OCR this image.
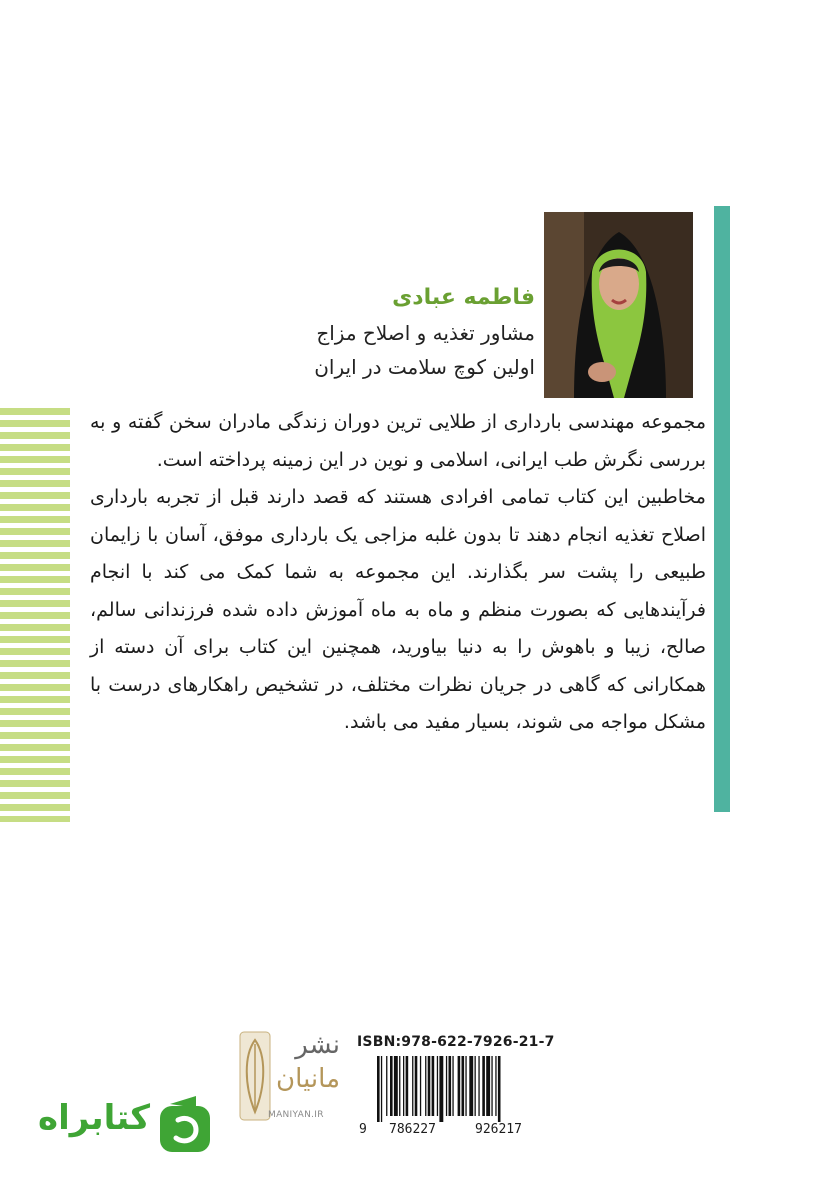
فاطمه عبادی
مشاور تغذیه و اصلاح مزاج
اولین کوچ سلامت در ایران

مجموعه مهندسی بارداری از طلایی ترین دوران زندگی مادران سخن گفته و به بررسی نگرش طب ایرانی، اسلامی و نوین در این زمینه پرداخته است.

مخاطبین این کتاب تمامی افرادی هستند که قصد دارند قبل از تجربه بارداری اصلاح تغذیه انجام دهند تا بدون غلبه مزاجی یک بارداری موفق، آسان با زایمان طبیعی را پشت سر بگذارند. این مجموعه به شما کمک می کند با انجام فرآیندهایی که بصورت منظم و ماه به ماه آموزش داده شده فرزندانی سالم، صالح، زیبا و باهوش را به دنیا بیاورید، همچنین این کتاب برای آن دسته از همکارانی که گاهی در جریان نظرات مختلف، در تشخیص راهکارهای درست با مشکل مواجه می شوند، بسیار مفید می باشد.

نشر
مانیان
MANIYAN.IR
ISBN:978-622-7926-21-7
9 786227	926217
کتابراه
